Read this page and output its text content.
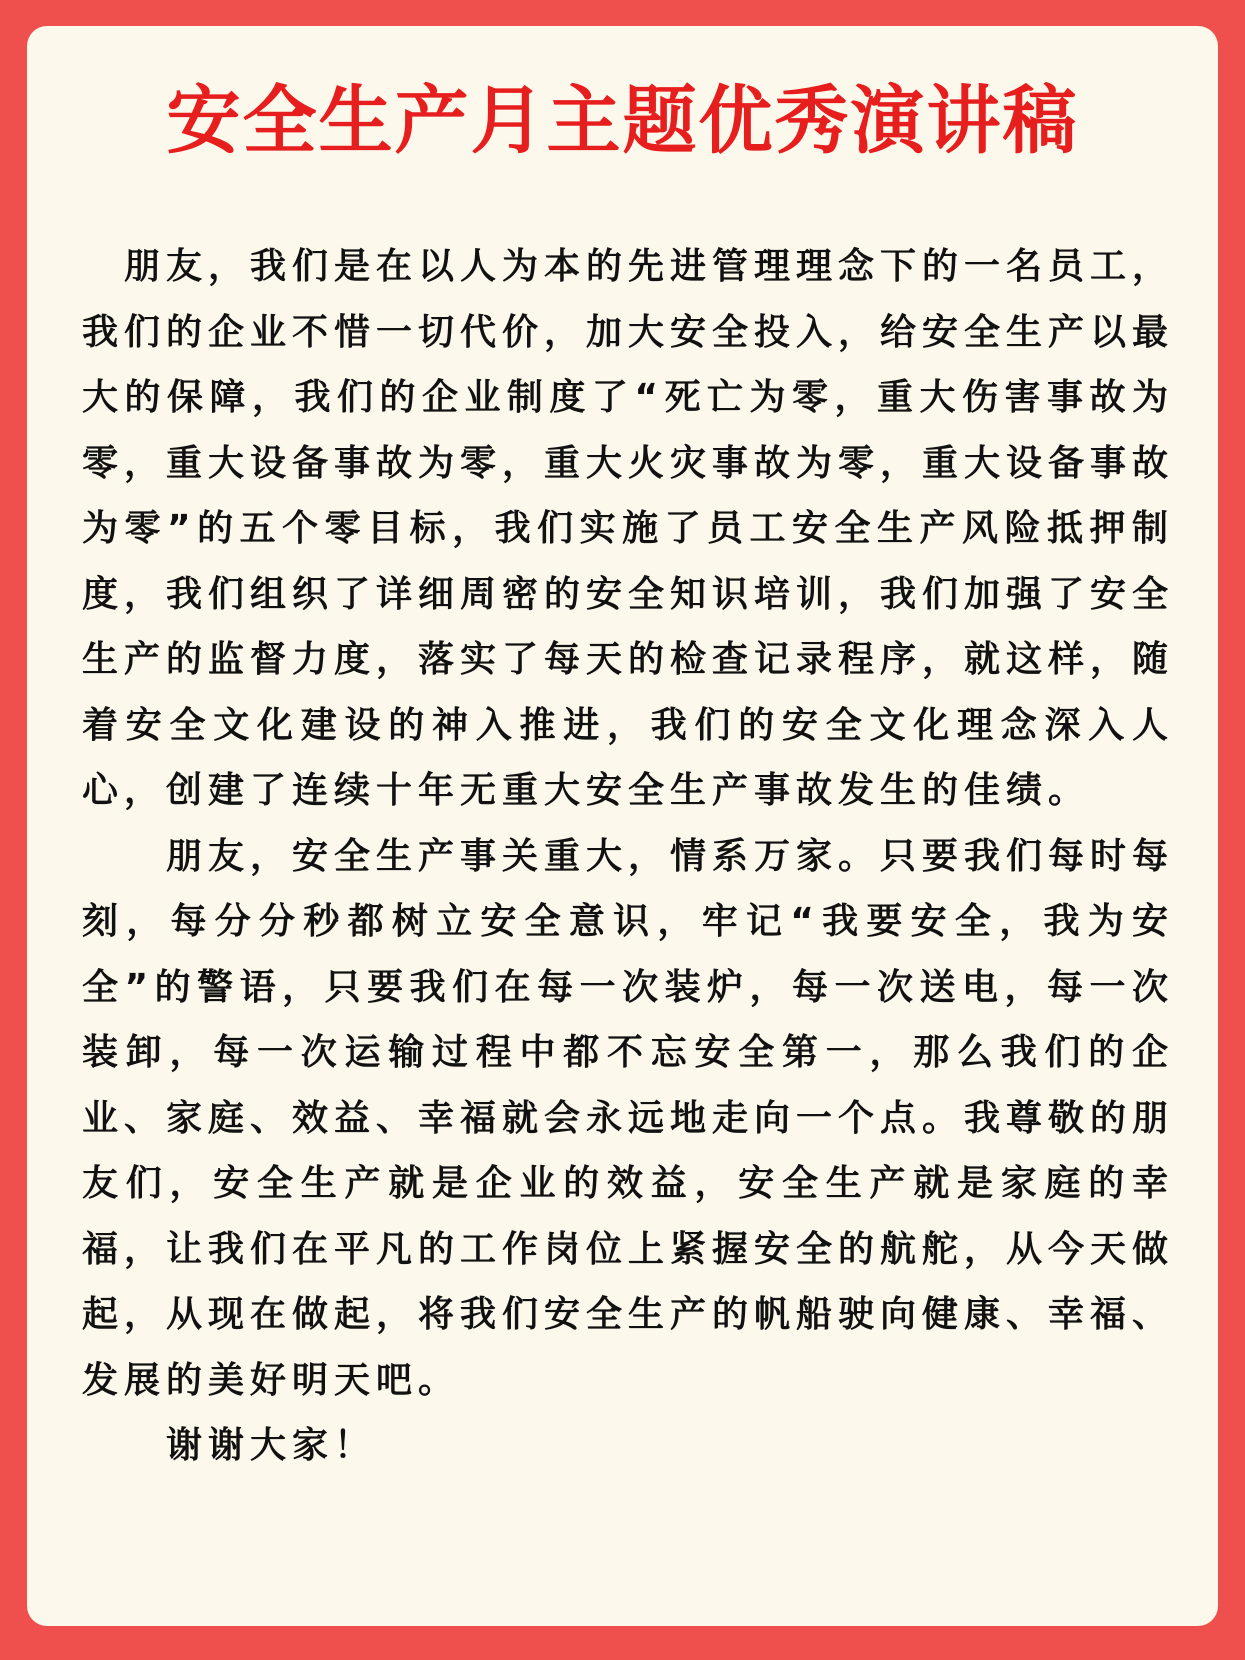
安全生产月主题优秀演讲稿

朋友，我们是在以人为本的先进管理理念下的一名员工，我们的企业不惜一切代价，加大安全投入，给安全生产以最大的保障，我们的企业制度了“死亡为零，重大伤害事故为零，重大设备事故为零，重大火灾事故为零，重大设备事故为零”的五个零目标，我们实施了员工安全生产风险抵押制度，我们组织了详细周密的安全知识培训，我们加强了安全生产的监督力度，落实了每天的检查记录程序，就这样，随着安全文化建设的神入推进，我们的安全文化理念深入人心，创建了连续十年无重大安全生产事故发生的佳绩。

朋友，安全生产事关重大，情系万家。只要我们每时每刻，每分分秒都树立安全意识，牢记“我要安全，我为安全”的警语，只要我们在每一次装炉，每一次送电，每一次装卸，每一次运输过程中都不忘安全第一，那么我们的企业、家庭、效益、幸福就会永远地走向一个点。我尊敬的朋友们，安全生产就是企业的效益，安全生产就是家庭的幸福，让我们在平凡的工作岗位上紧握安全的航舵，从今天做起，从现在做起，将我们安全生产的帆船驶向健康、幸福、发展的美好明天吧。

谢谢大家！
